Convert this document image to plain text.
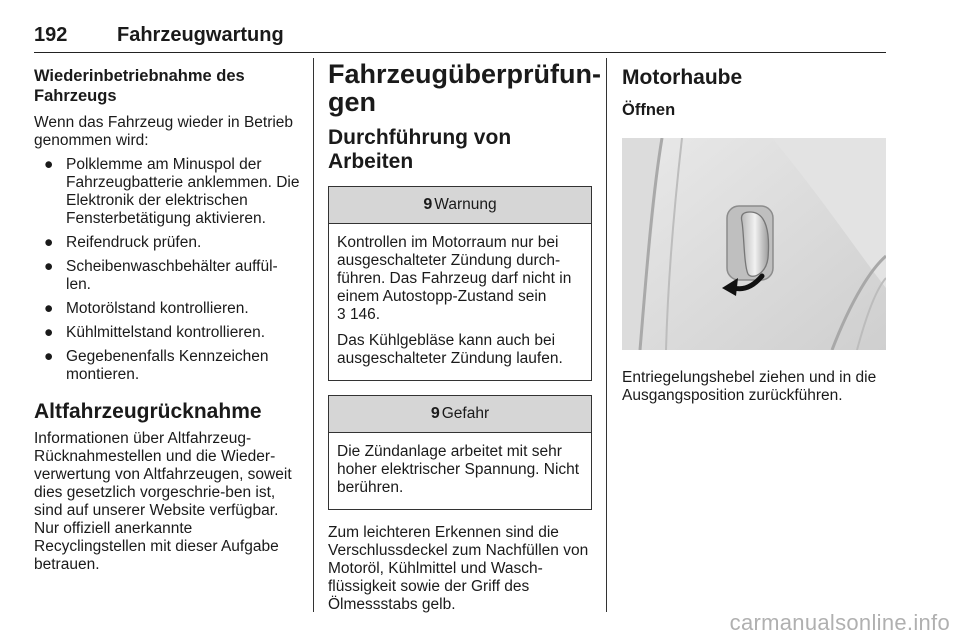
192 Fahrzeugwartung
Wiederinbetriebnahme des Fahrzeugs
Wenn das Fahrzeug wieder in Betrieb genommen wird:
● Polklemme am Minuspol der Fahrzeugbatterie anklemmen. Die Elektronik der elektrischen Fensterbetätigung aktivieren.
● Reifendruck prüfen.
● Scheibenwaschbehälter auffül-len.
● Motorölstand kontrollieren.
● Kühlmittelstand kontrollieren.
● Gegebenenfalls Kennzeichen montieren.
Altfahrzeugrücknahme
Informationen über Altfahrzeug-Rücknahmestellen und die Wieder-verwertung von Altfahrzeugen, soweit dies gesetzlich vorgeschrie-ben ist, sind auf unserer Website verfügbar. Nur offiziell anerkannte Recyclingstellen mit dieser Aufgabe betrauen.
Fahrzeugüberprüfun-gen
Durchführung von Arbeiten
9 Warnung
Kontrollen im Motorraum nur bei ausgeschalteter Zündung durch-führen. Das Fahrzeug darf nicht in einem Autostopp-Zustand sein
3 146.
Das Kühlgebläse kann auch bei ausgeschalteter Zündung laufen.
9 Gefahr
Die Zündanlage arbeitet mit sehr hoher elektrischer Spannung. Nicht berühren.
Zum leichteren Erkennen sind die Verschlussdeckel zum Nachfüllen von Motoröl, Kühlmittel und Wasch-flüssigkeit sowie der Griff des Ölmessstabs gelb.
Motorhaube
Öffnen
Entriegelungshebel ziehen und in die Ausgangsposition zurückführen.
carmanualsonline.info
